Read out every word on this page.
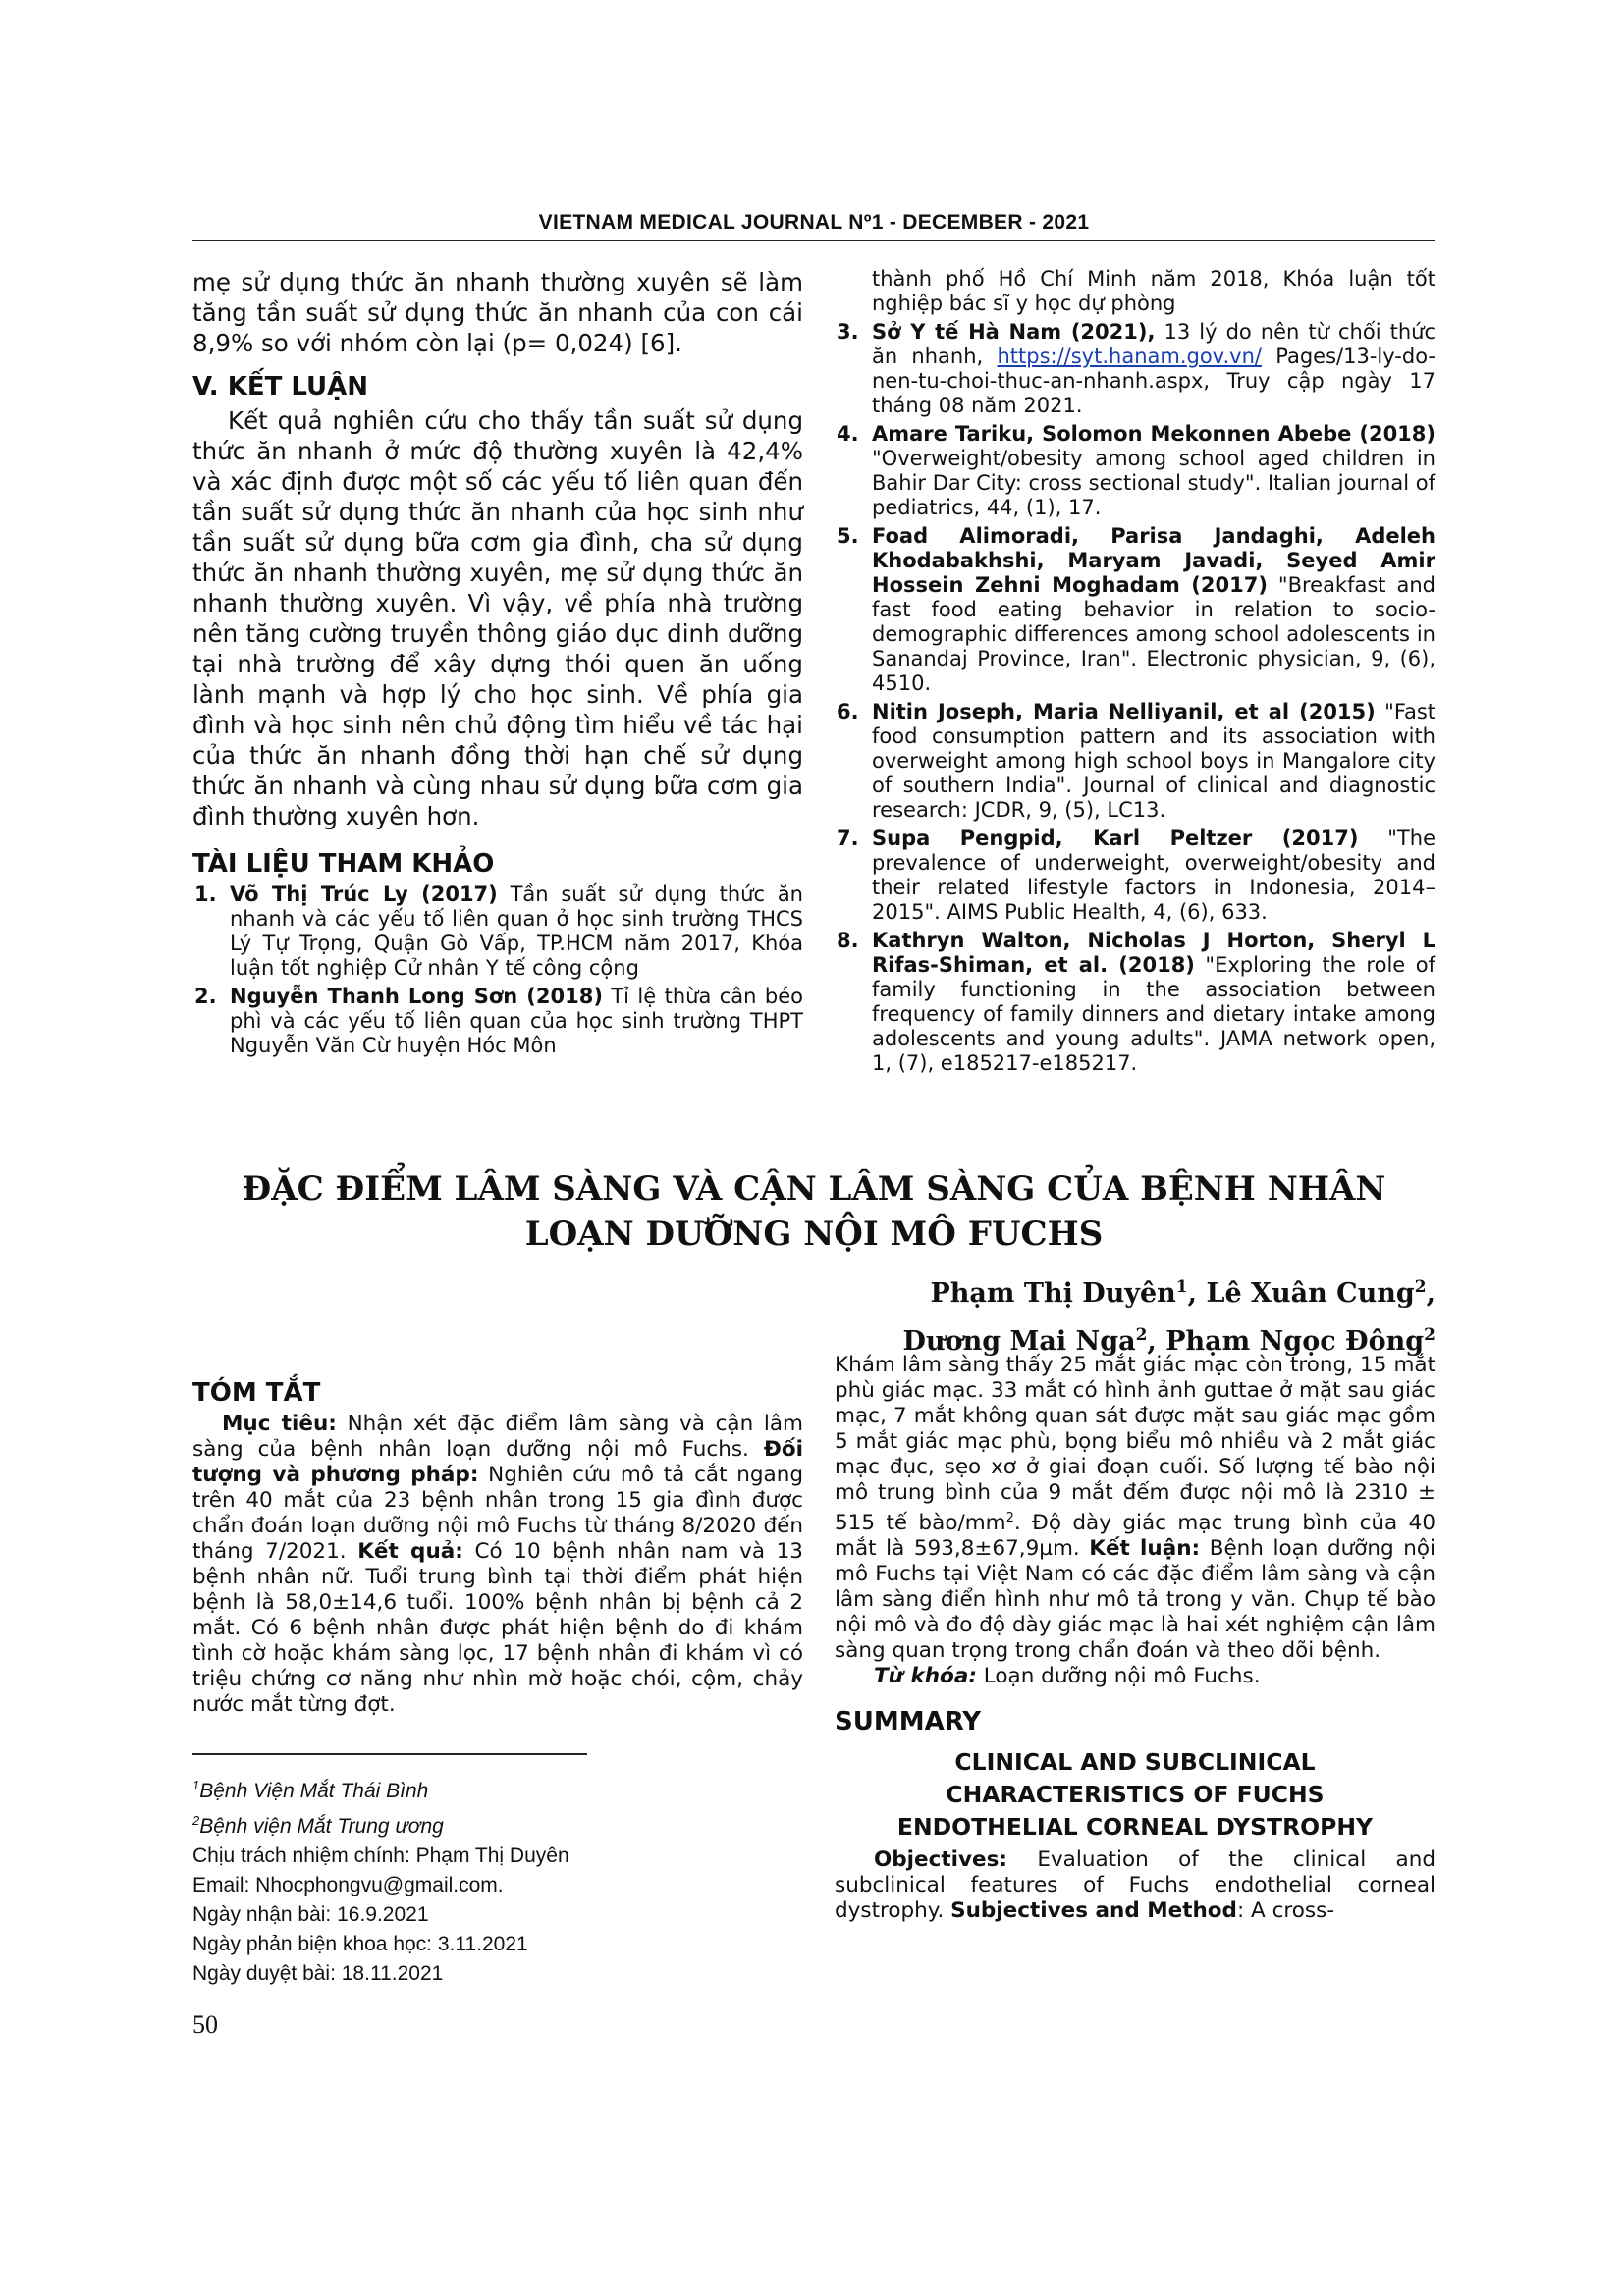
VIETNAM MEDICAL JOURNAL Nº1 - DECEMBER - 2021

mẹ sử dụng thức ăn nhanh thường xuyên sẽ làm tăng tần suất sử dụng thức ăn nhanh của con cái 8,9% so với nhóm còn lại (p= 0,024) [6].

V. KẾT LUẬN

Kết quả nghiên cứu cho thấy tần suất sử dụng thức ăn nhanh ở mức độ thường xuyên là 42,4% và xác định được một số các yếu tố liên quan đến tần suất sử dụng thức ăn nhanh của học sinh như tần suất sử dụng bữa cơm gia đình, cha sử dụng thức ăn nhanh thường xuyên, mẹ sử dụng thức ăn nhanh thường xuyên. Vì vậy, về phía nhà trường nên tăng cường truyền thông giáo dục dinh dưỡng tại nhà trường để xây dựng thói quen ăn uống lành mạnh và hợp lý cho học sinh. Về phía gia đình và học sinh nên chủ động tìm hiểu về tác hại của thức ăn nhanh đồng thời hạn chế sử dụng thức ăn nhanh và cùng nhau sử dụng bữa cơm gia đình thường xuyên hơn.

TÀI LIỆU THAM KHẢO
1. Võ Thị Trúc Ly (2017) Tần suất sử dụng thức ăn nhanh và các yếu tố liên quan ở học sinh trường THCS Lý Tự Trọng, Quận Gò Vấp, TP.HCM năm 2017, Khóa luận tốt nghiệp Cử nhân Y tế công cộng
2. Nguyễn Thanh Long Sơn (2018) Tỉ lệ thừa cân béo phì và các yếu tố liên quan của học sinh trường THPT Nguyễn Văn Cừ huyện Hóc Môn
thành phố Hồ Chí Minh năm 2018, Khóa luận tốt nghiệp bác sĩ y học dự phòng
3. Sở Y tế Hà Nam (2021), 13 lý do nên từ chối thức ăn nhanh, https://syt.hanam.gov.vn/ Pages/13-ly-do-nen-tu-choi-thuc-an-nhanh.aspx, Truy cập ngày 17 tháng 08 năm 2021.
4. Amare Tariku, Solomon Mekonnen Abebe (2018) "Overweight/obesity among school aged children in Bahir Dar City: cross sectional study". Italian journal of pediatrics, 44, (1), 17.
5. Foad Alimoradi, Parisa Jandaghi, Adeleh Khodabakhshi, Maryam Javadi, Seyed Amir Hossein Zehni Moghadam (2017) "Breakfast and fast food eating behavior in relation to socio-demographic differences among school adolescents in Sanandaj Province, Iran". Electronic physician, 9, (6), 4510.
6. Nitin Joseph, Maria Nelliyanil, et al (2015) "Fast food consumption pattern and its association with overweight among high school boys in Mangalore city of southern India". Journal of clinical and diagnostic research: JCDR, 9, (5), LC13.
7. Supa Pengpid, Karl Peltzer (2017) "The prevalence of underweight, overweight/obesity and their related lifestyle factors in Indonesia, 2014–2015". AIMS Public Health, 4, (6), 633.
8. Kathryn Walton, Nicholas J Horton, Sheryl L Rifas-Shiman, et al. (2018) "Exploring the role of family functioning in the association between frequency of family dinners and dietary intake among adolescents and young adults". JAMA network open, 1, (7), e185217-e185217.
ĐẶC ĐIỂM LÂM SÀNG VÀ CẬN LÂM SÀNG CỦA BỆNH NHÂN
LOẠN DƯỠNG NỘI MÔ FUCHS
Phạm Thị Duyên$^1$, Lê Xuân Cung$^2$,
Dương Mai Nga$^2$, Phạm Ngọc Đông$^2$
TÓM TẮT

Mục tiêu: Nhận xét đặc điểm lâm sàng và cận lâm sàng của bệnh nhân loạn dưỡng nội mô Fuchs. Đối tượng và phương pháp: Nghiên cứu mô tả cắt ngang trên 40 mắt của 23 bệnh nhân trong 15 gia đình được chẩn đoán loạn dưỡng nội mô Fuchs từ tháng 8/2020 đến tháng 7/2021. Kết quả: Có 10 bệnh nhân nam và 13 bệnh nhân nữ. Tuổi trung bình tại thời điểm phát hiện bệnh là 58,0±14,6 tuổi. 100% bệnh nhân bị bệnh cả 2 mắt. Có 6 bệnh nhân được phát hiện bệnh do đi khám tình cờ hoặc khám sàng lọc, 17 bệnh nhân đi khám vì có triệu chứng cơ năng như nhìn mờ hoặc chói, cộm, chảy nước mắt từng đợt.

$^1$Bệnh Viện Mắt Thái Bình
$^2$Bệnh viện Mắt Trung ương
Chịu trách nhiệm chính: Phạm Thị Duyên
Email: Nhocphongvu@gmail.com.
Ngày nhận bài: 16.9.2021
Ngày phản biện khoa học: 3.11.2021
Ngày duyệt bài: 18.11.2021

Khám lâm sàng thấy 25 mắt giác mạc còn trong, 15 mắt phù giác mạc. 33 mắt có hình ảnh guttae ở mặt sau giác mạc, 7 mắt không quan sát được mặt sau giác mạc gồm 5 mắt giác mạc phù, bọng biểu mô nhiều và 2 mắt giác mạc đục, sẹo xơ ở giai đoạn cuối. Số lượng tế bào nội mô trung bình của 9 mắt đếm được nội mô là 2310 ± 515 tế bào/$mm^2$. Độ dày giác mạc trung bình của 40 mắt là 593,8±67,9µm. Kết luận: Bệnh loạn dưỡng nội mô Fuchs tại Việt Nam có các đặc điểm lâm sàng và cận lâm sàng điển hình như mô tả trong y văn. Chụp tế bào nội mô và đo độ dày giác mạc là hai xét nghiệm cận lâm sàng quan trọng trong chẩn đoán và theo dõi bệnh.

Từ khóa: Loạn dưỡng nội mô Fuchs.

SUMMARY
CLINICAL AND SUBCLINICAL
CHARACTERISTICS OF FUCHS
ENDOTHELIAL CORNEAL DYSTROPHY

Objectives: Evaluation of the clinical and subclinical features of Fuchs endothelial corneal dystrophy. Subjectives and Method: A cross-

50
